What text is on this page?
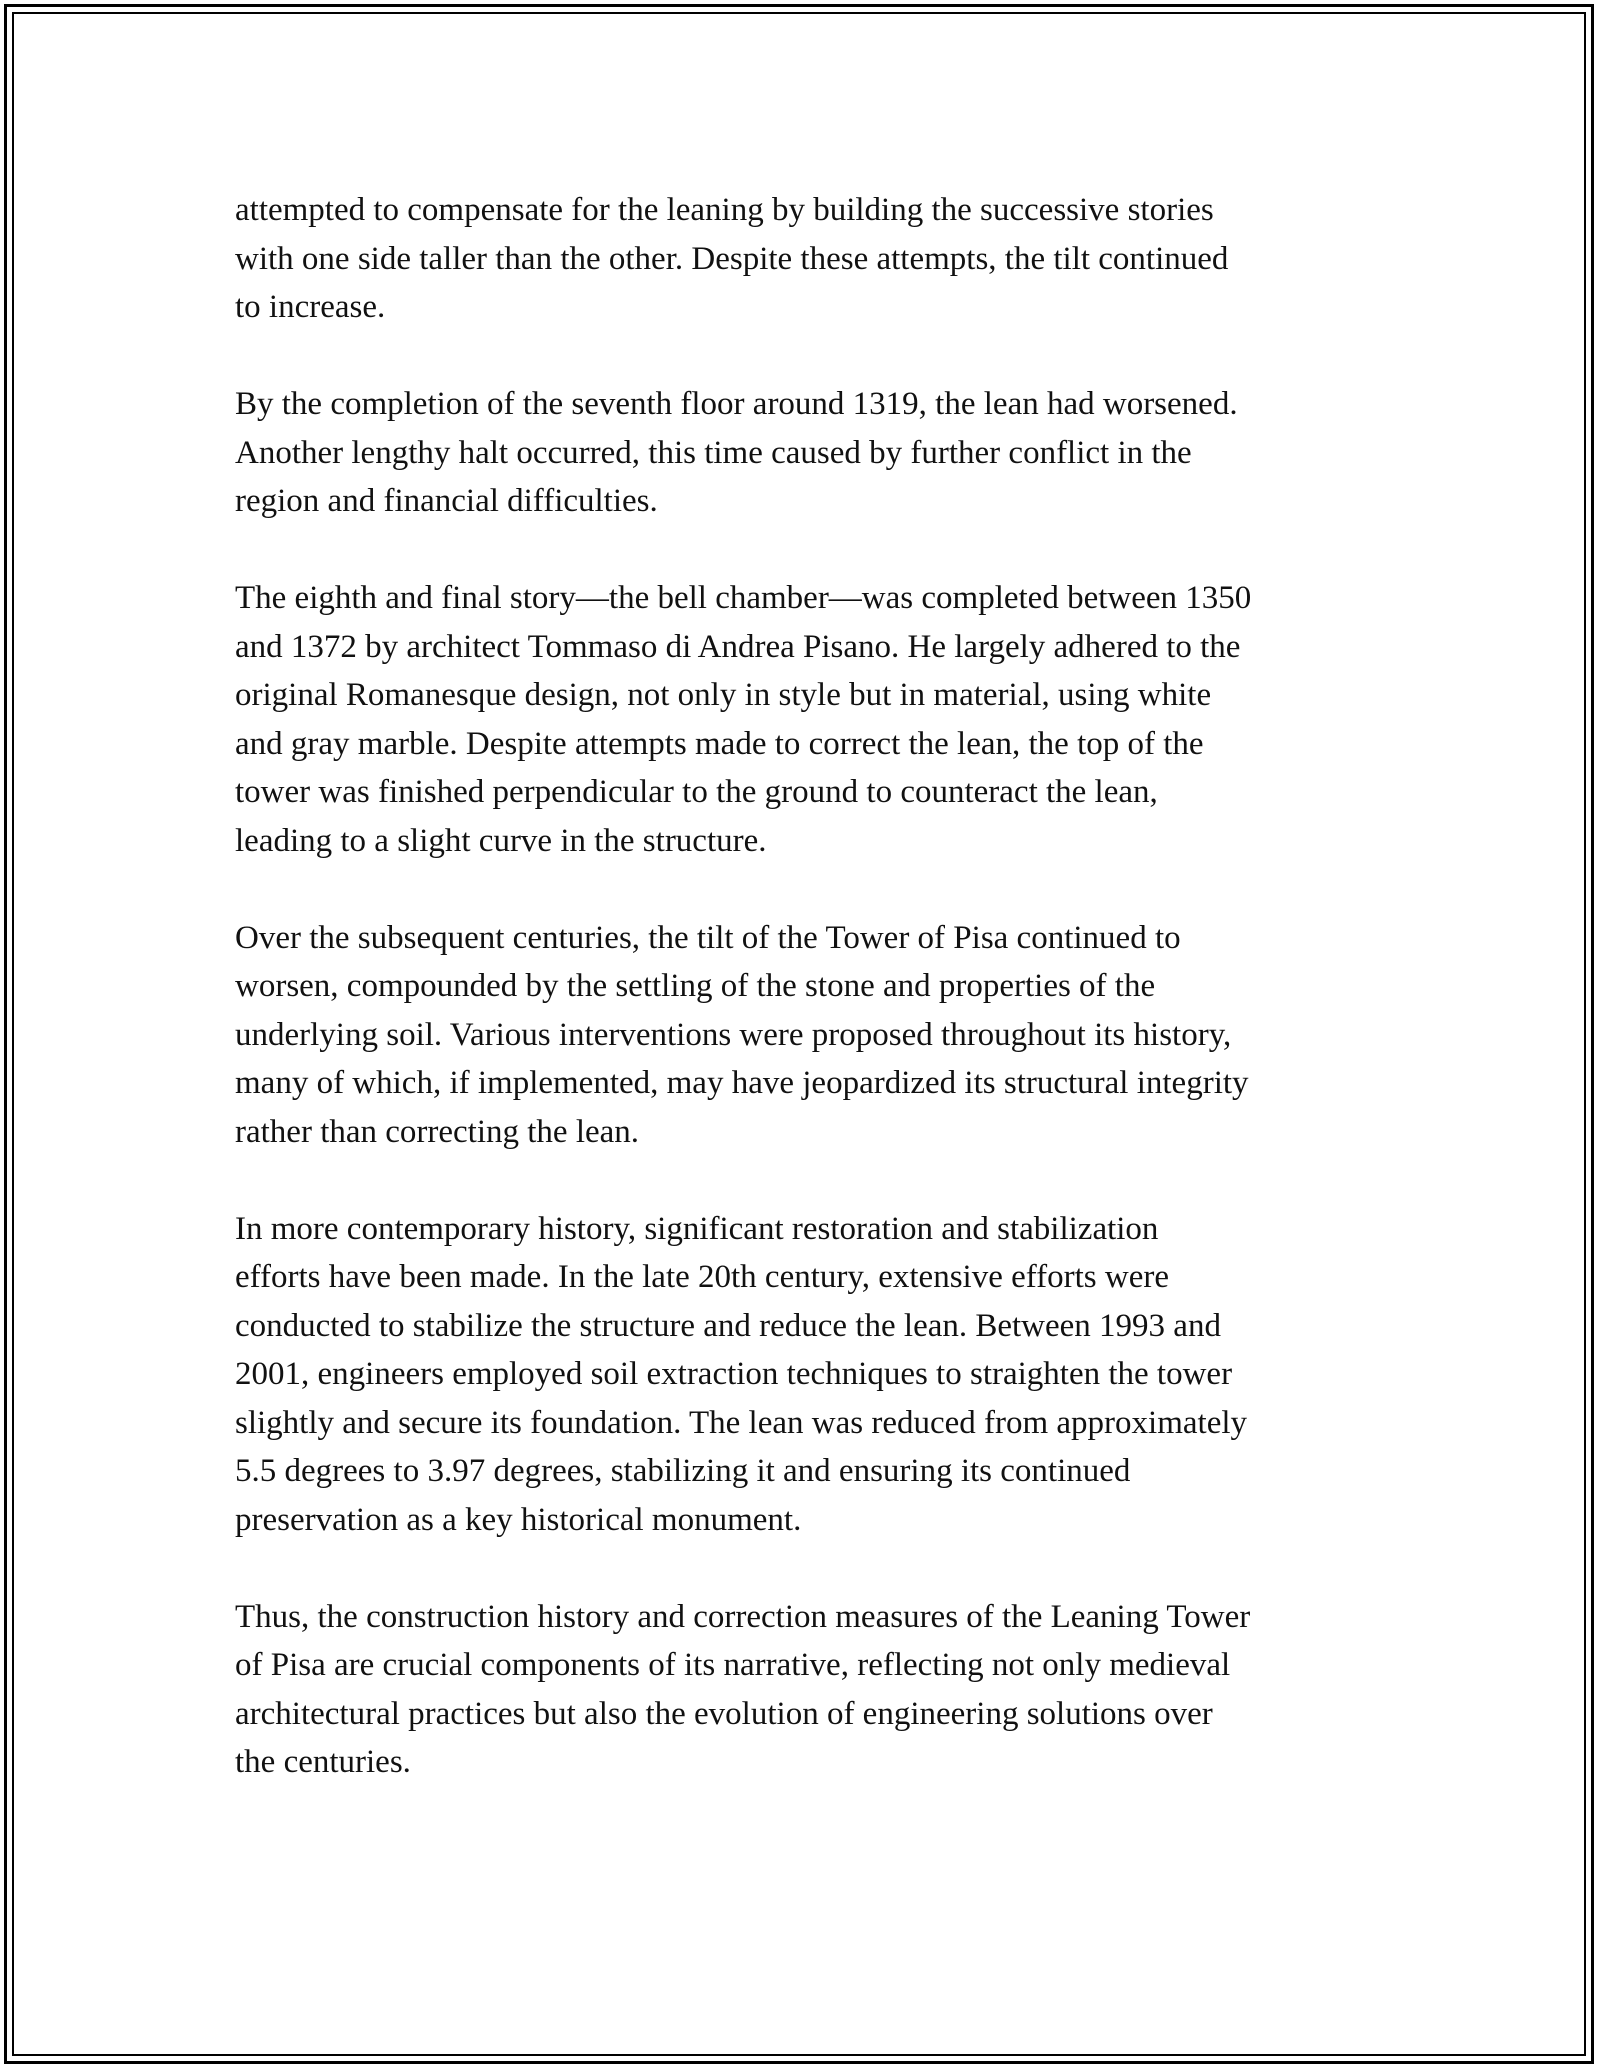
attempted to compensate for the leaning by building the successive stories
with one side taller than the other. Despite these attempts, the tilt continued
to increase.

By the completion of the seventh floor around 1319, the lean had worsened.
Another lengthy halt occurred, this time caused by further conflict in the
region and financial difficulties.

The eighth and final story—the bell chamber—was completed between 1350
and 1372 by architect Tommaso di Andrea Pisano. He largely adhered to the
original Romanesque design, not only in style but in material, using white
and gray marble. Despite attempts made to correct the lean, the top of the
tower was finished perpendicular to the ground to counteract the lean,
leading to a slight curve in the structure.

Over the subsequent centuries, the tilt of the Tower of Pisa continued to
worsen, compounded by the settling of the stone and properties of the
underlying soil. Various interventions were proposed throughout its history,
many of which, if implemented, may have jeopardized its structural integrity
rather than correcting the lean.

In more contemporary history, significant restoration and stabilization
efforts have been made. In the late 20th century, extensive efforts were
conducted to stabilize the structure and reduce the lean. Between 1993 and
2001, engineers employed soil extraction techniques to straighten the tower
slightly and secure its foundation. The lean was reduced from approximately
5.5 degrees to 3.97 degrees, stabilizing it and ensuring its continued
preservation as a key historical monument.

Thus, the construction history and correction measures of the Leaning Tower
of Pisa are crucial components of its narrative, reflecting not only medieval
architectural practices but also the evolution of engineering solutions over
the centuries.
